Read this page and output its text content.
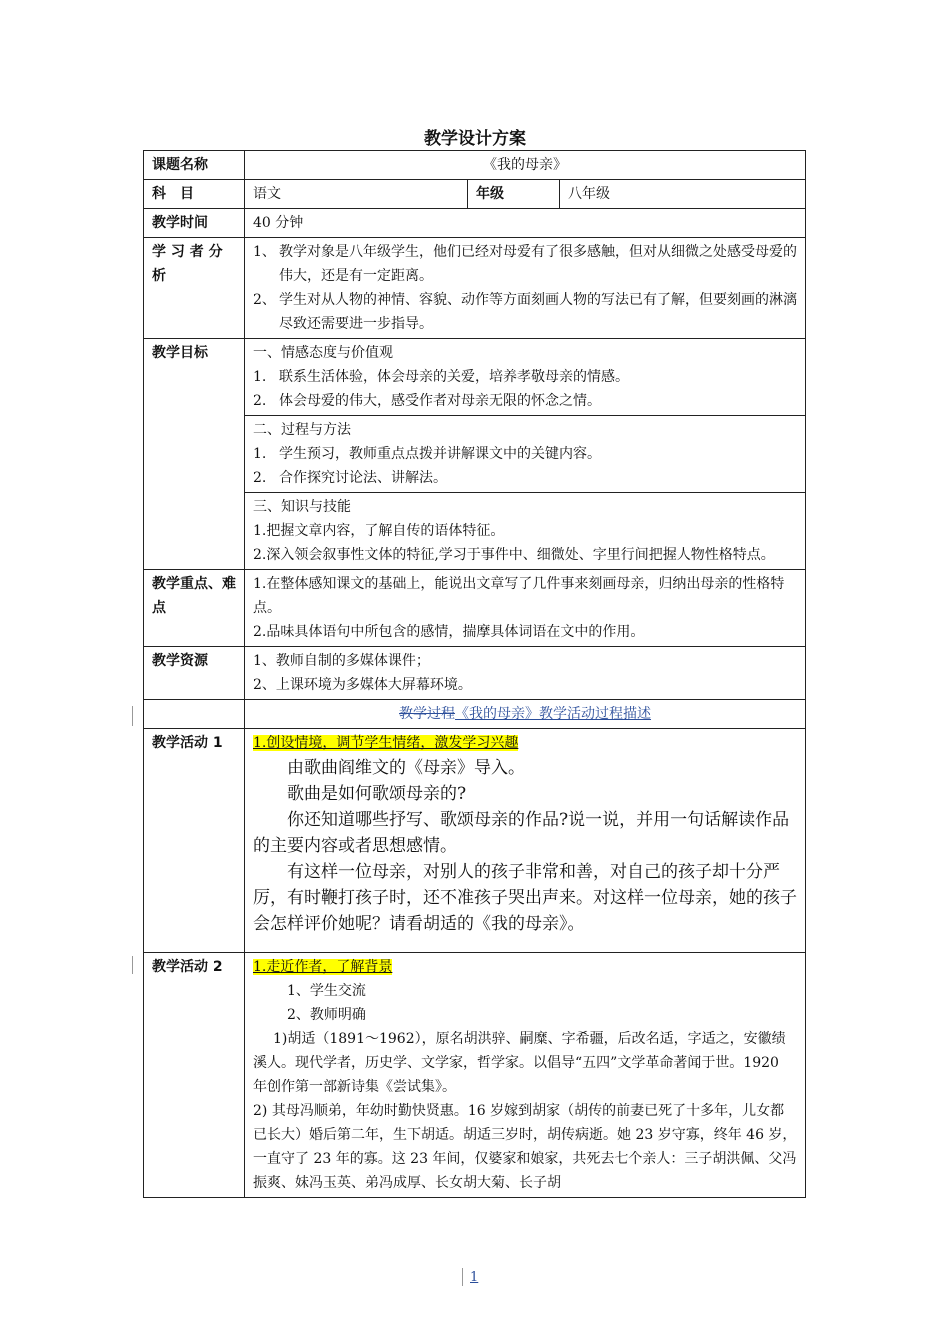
教学设计方案
课题名称	《我的母亲》		
科　目	语文	年级	八年级
教学时间	40 分钟		
学 习 者 分 析	1、 教学对象是八年级学生，他们已经对母爱有了很多感触，但对从细微之处感受母爱的伟大，还是有一定距离。

2、 学生对从人物的神情、容貌、动作等方面刻画人物的写法已有了解，但要刻画的淋漓尽致还需要进一步指导。		

教学目标	一、情感态度与价值观

1. 联系生活体验，体会母亲的关爱，培养孝敬母亲的情感。

2. 体会母爱的伟大，感受作者对母亲无限的怀念之情。		

	二、过程与方法

1. 学生预习，教师重点点拨并讲解课文中的关键内容。

2. 合作探究讨论法、讲解法。		

	三、知识与技能

1.把握文章内容，了解自传的语体特征。

2.深入领会叙事性文体的特征,学习于事件中、细微处、字里行间把握人物性格特点。		

教学重点、难点	1.在整体感知课文的基础上，能说出文章写了几件事来刻画母亲，归纳出母亲的性格特点。

2.品味具体语句中所包含的感情，揣摩具体词语在文中的作用。		

教学资源	1、教师自制的多媒体课件；

2、上课环境为多媒体大屏幕环境。		

	教学过程《我的母亲》教学活动过程描述		
教学活动 1	1.创设情境，调节学生情绪，激发学习兴趣

由歌曲阎维文的《母亲》导入。

歌曲是如何歌颂母亲的?

你还知道哪些抒写、歌颂母亲的作品?说一说，并用一句话解读作品的主要内容或者思想感情。

有这样一位母亲，对别人的孩子非常和善，对自己的孩子却十分严厉，有时鞭打孩子时，还不准孩子哭出声来。对这样一位母亲，她的孩子会怎样评价她呢？请看胡适的《我的母亲》。		

教学活动 2	1.走近作者，了解背景

1、学生交流

2、教师明确

1)胡适（1891～1962），原名胡洪骍、嗣糜、字希疆，后改名适，字适之，安徽绩溪人。现代学者，历史学、文学家，哲学家。以倡导“五四”文学革命著闻于世。1920 年创作第一部新诗集《尝试集》。

2) 其母冯顺弟，年幼时勤快贤惠。16 岁嫁到胡家（胡传的前妻已死了十多年，儿女都已长大）婚后第二年，生下胡适。胡适三岁时，胡传病逝。她 23 岁守寡，终年 46 岁，一直守了 23 年的寡。这 23 年间，仅婆家和娘家，共死去七个亲人：三子胡洪佩、父冯振爽、妹冯玉英、弟冯成厚、长女胡大菊、长子胡		

1
